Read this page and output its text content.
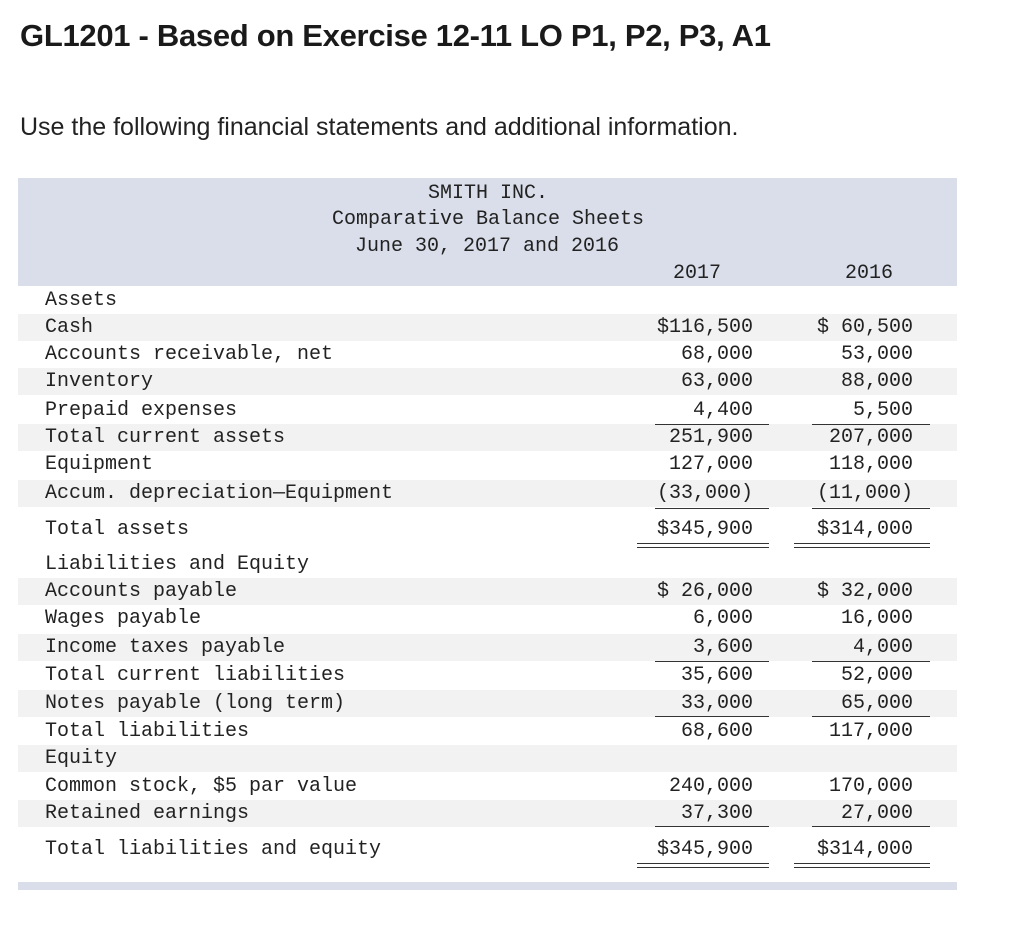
GL1201 - Based on Exercise 12-11 LO P1, P2, P3, A1

Use the following financial statements and additional information.

SMITH INC.
Comparative Balance Sheets
June 30, 2017 and 2016
2017	2016
Assets
Cash	$116,500	$ 60,500
Accounts receivable, net	68,000	53,000
Inventory	63,000	88,000
Prepaid expenses	4,400	5,500
Total current assets	251,900	207,000
Equipment	127,000	118,000
Accum. depreciation—Equipment	(33,000)	(11,000)
Total assets	$345,900	$314,000
Liabilities and Equity
Accounts payable	$ 26,000	$ 32,000
Wages payable	6,000	16,000
Income taxes payable	3,600	4,000
Total current liabilities	35,600	52,000
Notes payable (long term)	33,000	65,000
Total liabilities	68,600	117,000
Equity
Common stock, $5 par value	240,000	170,000
Retained earnings	37,300	27,000
Total liabilities and equity	$345,900	$314,000
